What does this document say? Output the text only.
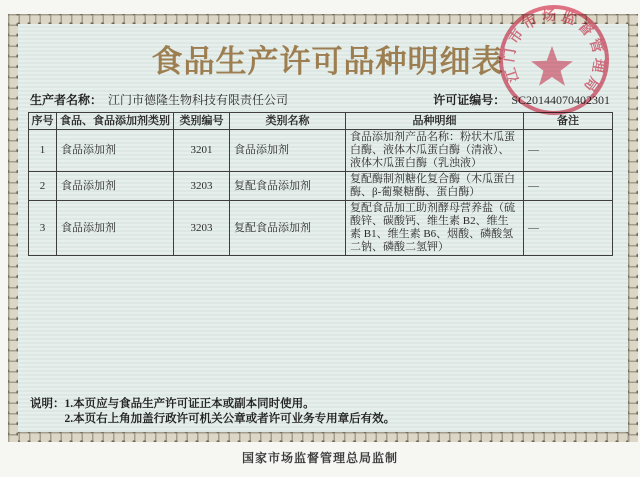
食品生产许可品种明细表
生产者名称： 江门市德隆生物科技有限责任公司	许可证编号： SC20144070402301
序号	食品、食品添加剂类别	类别编号	类别名称	品种明细	备注
1	食品添加剂	3201	食品添加剂	食品添加剂产品名称：粉状木瓜蛋白酶、液体木瓜蛋白酶（清液）、液体木瓜蛋白酶（乳浊液）	—
2	食品添加剂	3203	复配食品添加剂	复配酶制剂糖化复合酶（木瓜蛋白酶、β-葡聚糖酶、蛋白酶）	—
3	食品添加剂	3203	复配食品添加剂	复配食品加工助剂酵母营养盐（硫酸锌、碳酸钙、维生素 B2、维生素 B1、维生素 B6、烟酸、磷酸氢二钠、磷酸二氢钾）	—
说明： 1.本页应与食品生产许可证正本或副本同时使用。
2.本页右上角加盖行政许可机关公章或者许可业务专用章后有效。
国家市场监督管理总局监制
江门市市场监督管理局
